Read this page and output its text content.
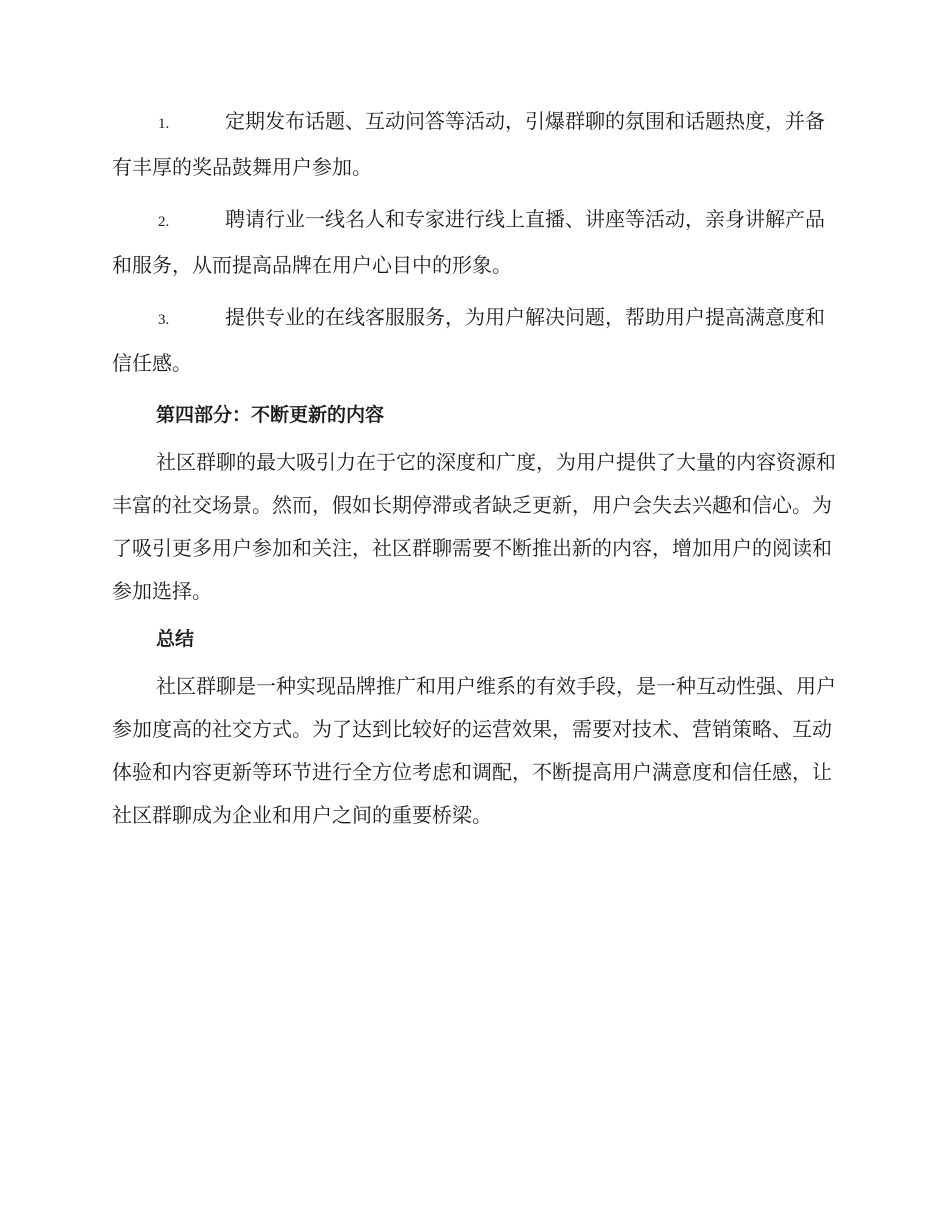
1.	定期发布话题、互动问答等活动，引爆群聊的氛围和话题热度，并备有丰厚的奖品鼓舞用户参加。
2.	聘请行业一线名人和专家进行线上直播、讲座等活动，亲身讲解产品和服务，从而提高品牌在用户心目中的形象。
3.	提供专业的在线客服服务，为用户解决问题，帮助用户提高满意度和信任感。
第四部分：不断更新的内容

社区群聊的最大吸引力在于它的深度和广度，为用户提供了大量的内容资源和丰富的社交场景。然而，假如长期停滞或者缺乏更新，用户会失去兴趣和信心。为了吸引更多用户参加和关注，社区群聊需要不断推出新的内容，增加用户的阅读和参加选择。

总结

社区群聊是一种实现品牌推广和用户维系的有效手段，是一种互动性强、用户参加度高的社交方式。为了达到比较好的运营效果，需要对技术、营销策略、互动体验和内容更新等环节进行全方位考虑和调配，不断提高用户满意度和信任感，让社区群聊成为企业和用户之间的重要桥梁。
